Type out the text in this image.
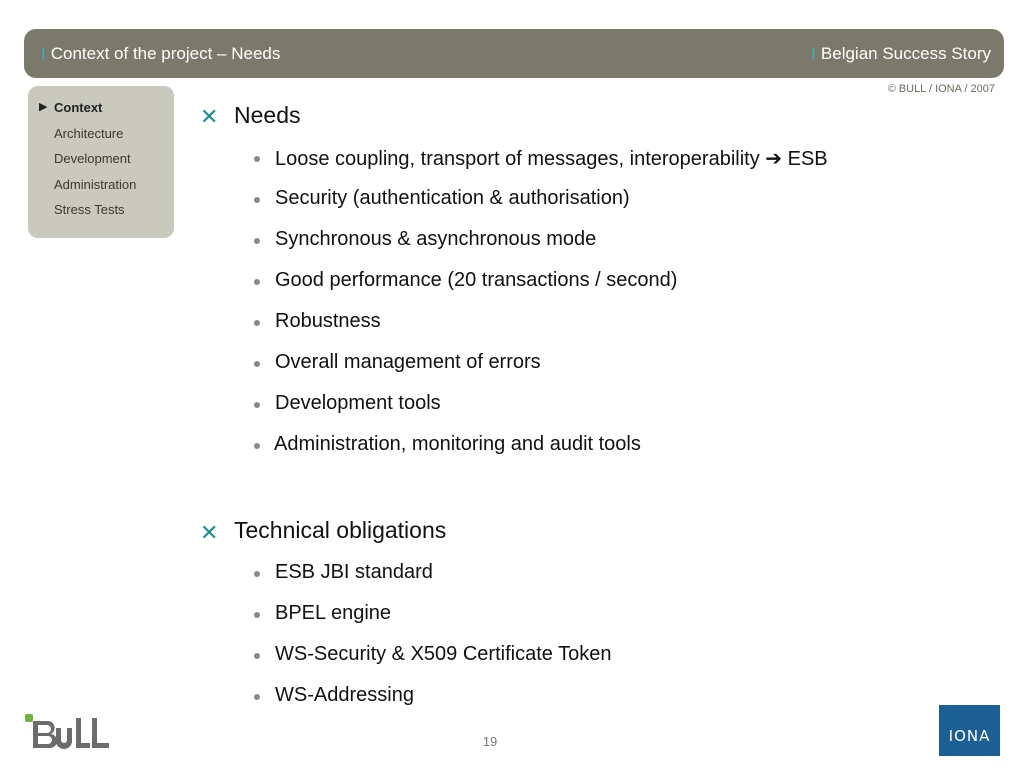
I Context of the project – Needs	I Belgian Success Story
© BULL / IONA / 2007
▶ Context
Architecture
Development
Administration
Stress Tests
✕ Needs
Loose coupling, transport of messages, interoperability ➔ ESB
Security (authentication & authorisation)
Synchronous & asynchronous mode
Good performance (20 transactions / second)
Robustness
Overall management of errors
Development tools
Administration, monitoring and audit tools
✕ Technical obligations
ESB JBI standard
BPEL engine
WS-Security & X509 Certificate Token
WS-Addressing
19	IONA
